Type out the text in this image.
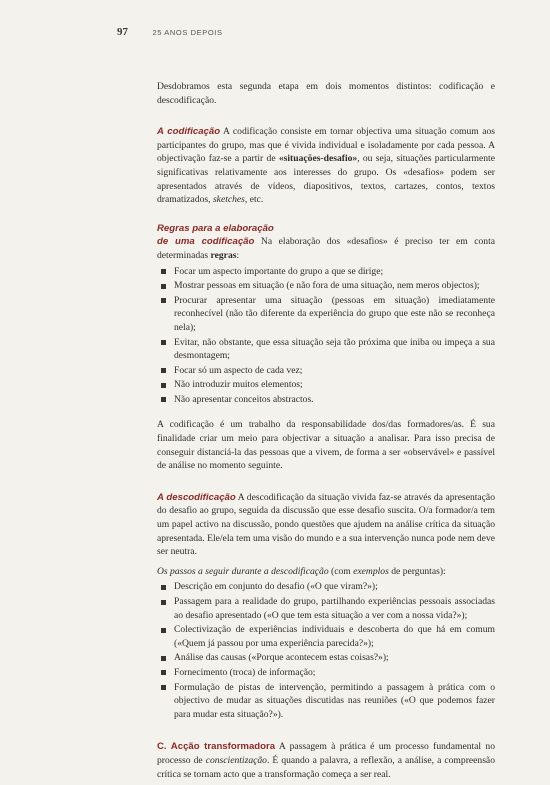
97	25 ANOS DEPOIS

Desdobramos esta segunda etapa em dois momentos distintos: codificação e descodificação.

A codificação A codificação consiste em tornar objectiva uma situação comum aos participantes do grupo, mas que é vivida individual e isoladamente por cada pessoa. A objectivação faz-se a partir de «situações-desafio», ou seja, situações particularmente significativas relativamente aos interesses do grupo. Os «desafios» podem ser apresentados através de vídeos, diapositivos, textos, cartazes, contos, textos dramatizados, sketches, etc.

Regras para a elaboração

de uma codificação Na elaboração dos «desafios» é preciso ter em conta determinadas regras:

Focar um aspecto importante do grupo a que se dirige;
Mostrar pessoas em situação (e não fora de uma situação, nem meros objectos);
Procurar apresentar uma situação (pessoas em situação) imediatamente reconhecível (não tão diferente da experiência do grupo que este não se reconheça nela);
Evitar, não obstante, que essa situação seja tão próxima que iniba ou impeça a sua desmontagem;
Focar só um aspecto de cada vez;
Não introduzir muitos elementos;
Não apresentar conceitos abstractos.

A codificação é um trabalho da responsabilidade dos/das formadores/as. É sua finalidade criar um meio para objectivar a situação a analisar. Para isso precisa de conseguir distanciá-la das pessoas que a vivem, de forma a ser «observável» e passível de análise no momento seguinte.

A descodificação A descodificação da situação vivida faz-se através da apresentação do desafio ao grupo, seguida da discussão que esse desafio suscita. O/a formador/a tem um papel activo na discussão, pondo questões que ajudem na análise crítica da situação apresentada. Ele/ela tem uma visão do mundo e a sua intervenção nunca pode nem deve ser neutra.

Os passos a seguir durante a descodificação (com exemplos de perguntas):

Descrição em conjunto do desafio («O que viram?»);
Passagem para a realidade do grupo, partilhando experiências pessoais associadas ao desafio apresentado («O que tem esta situação a ver com a nossa vida?»);
Colectivização de experiências individuais e descoberta do que há em comum («Quem já passou por uma experiência parecida?»);
Análise das causas («Porque acontecem estas coisas?»);
Fornecimento (troca) de informação;
Formulação de pistas de intervenção, permitindo a passagem à prática com o objectivo de mudar as situações discutidas nas reuniões («O que podemos fazer para mudar esta situação?»).

C. Acção transformadora A passagem à prática é um processo fundamental no processo de conscientização. É quando a palavra, a reflexão, a análise, a compreensão crítica se tornam acto que a transformação começa a ser real.
